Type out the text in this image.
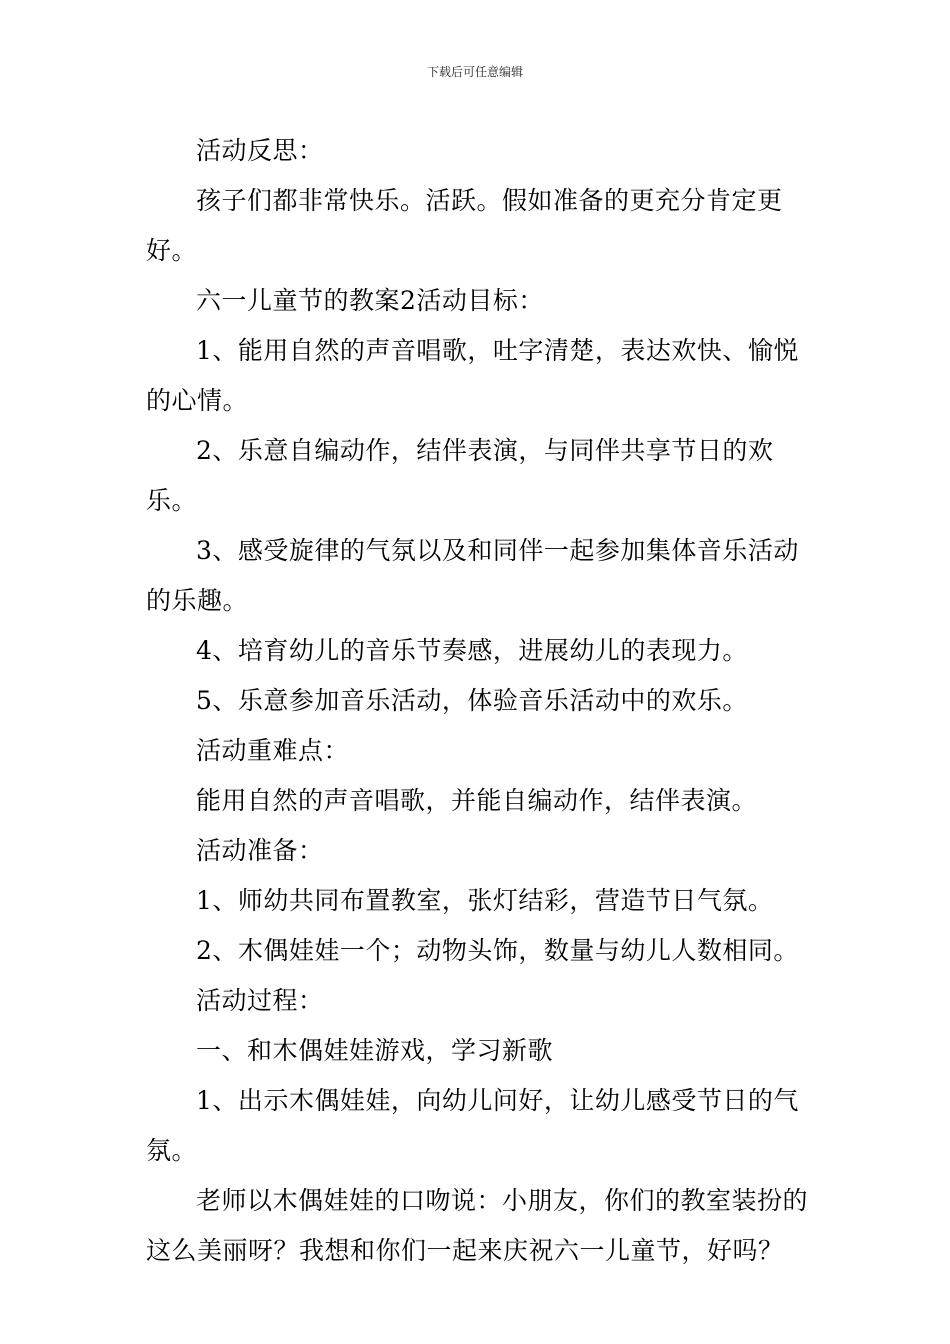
下载后可任意编辑

活动反思：

孩子们都非常快乐。活跃。假如准备的更充分肯定更好。

六一儿童节的教案2活动目标：

1、能用自然的声音唱歌，吐字清楚，表达欢快、愉悦的心情。

2、乐意自编动作，结伴表演，与同伴共享节日的欢乐。

3、感受旋律的气氛以及和同伴一起参加集体音乐活动的乐趣。

4、培育幼儿的音乐节奏感，进展幼儿的表现力。

5、乐意参加音乐活动，体验音乐活动中的欢乐。

活动重难点：

能用自然的声音唱歌，并能自编动作，结伴表演。

活动准备：

1、师幼共同布置教室，张灯结彩，营造节日气氛。

2、木偶娃娃一个；动物头饰，数量与幼儿人数相同。

活动过程：

一、和木偶娃娃游戏，学习新歌

1、出示木偶娃娃，向幼儿问好，让幼儿感受节日的气氛。

老师以木偶娃娃的口吻说：小朋友，你们的教室装扮的这么美丽呀？我想和你们一起来庆祝六一儿童节，好吗？
